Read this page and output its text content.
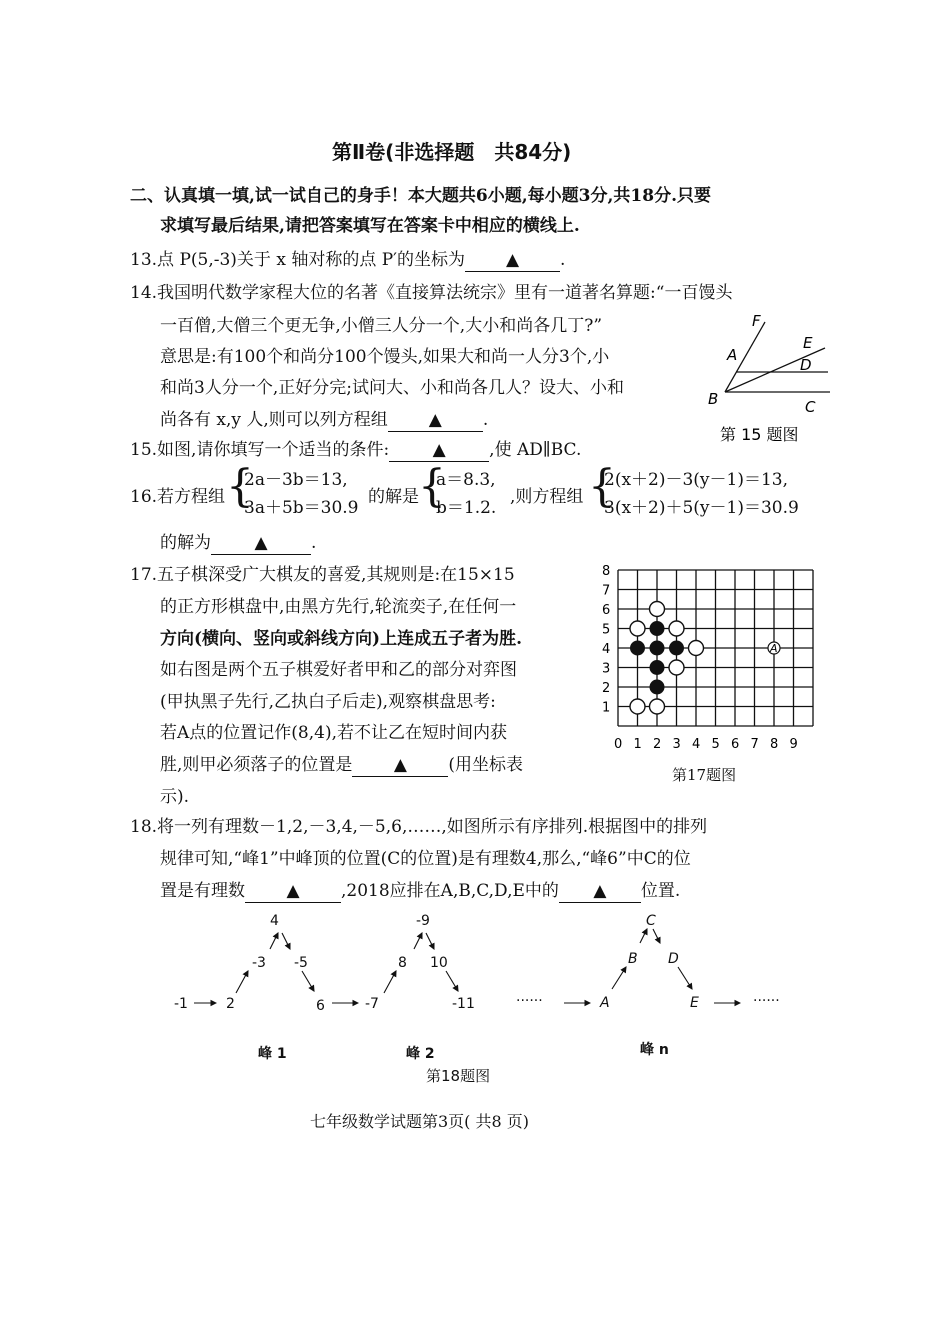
第Ⅱ卷(非选择题　共84分)
二、认真填一填,试一试自己的身手！本大题共6小题,每小题3分,共18分.只要
求填写最后结果,请把答案填写在答案卡中相应的横线上.
13.点 P(5,-3)关于 x 轴对称的点 P′的坐标为 ▲ .
14.我国明代数学家程大位的名著《直接算法统宗》里有一道著名算题:“一百馒头
一百僧,大僧三个更无争,小僧三人分一个,大小和尚各几丁?”
意思是:有100个和尚分100个馒头,如果大和尚一人分3个,小
和尚3人分一个,正好分完;试问大、小和尚各几人？设大、小和
尚各有 x,y 人,则可以列方程组 ▲ .
F
E
A
D
B	C
第 15 题图
15.如图,请你填写一个适当的条件:	▲	,使 AD∥BC.
16.若方程组 {
2a－3b＝13,
3a＋5b＝30.9
的解是 {
a＝8.3,
b＝1.2.
,则方程组 {
2(x＋2)－3(y－1)＝13,
3(x＋2)＋5(y－1)＝30.9
的解为	▲	.
17.五子棋深受广大棋友的喜爱,其规则是:在15×15
的正方形棋盘中,由黑方先行,轮流奕子,在任何一
方向(横向、竖向或斜线方向)上连成五子者为胜.
如右图是两个五子棋爱好者甲和乙的部分对弈图
(甲执黑子先行,乙执白子后走),观察棋盘思考:
若A点的位置记作(8,4),若不让乙在短时间内获
胜,则甲必须落子的位置是 ▲ (用坐标表
示).
8
7
6
5
4
3
2
1
0 1 2 3 4 5 6 7 8 9
A
第17题图
18.将一列有理数－1,2,－3,4,－5,6,……,如图所示有序排列.根据图中的排列
规律可知,“峰1”中峰顶的位置(C的位置)是有理数4,那么,“峰6”中C的位
置是有理数 ▲ ,2018应排在A,B,C,D,E中的 ▲ 位置.
-1
4
-3 -5
2	6
峰 1
-9
8 10
-7	-11
峰 2
······	······
C
B D
A	E
峰 n
第18题图
七年级数学试题第3页( 共8 页)
